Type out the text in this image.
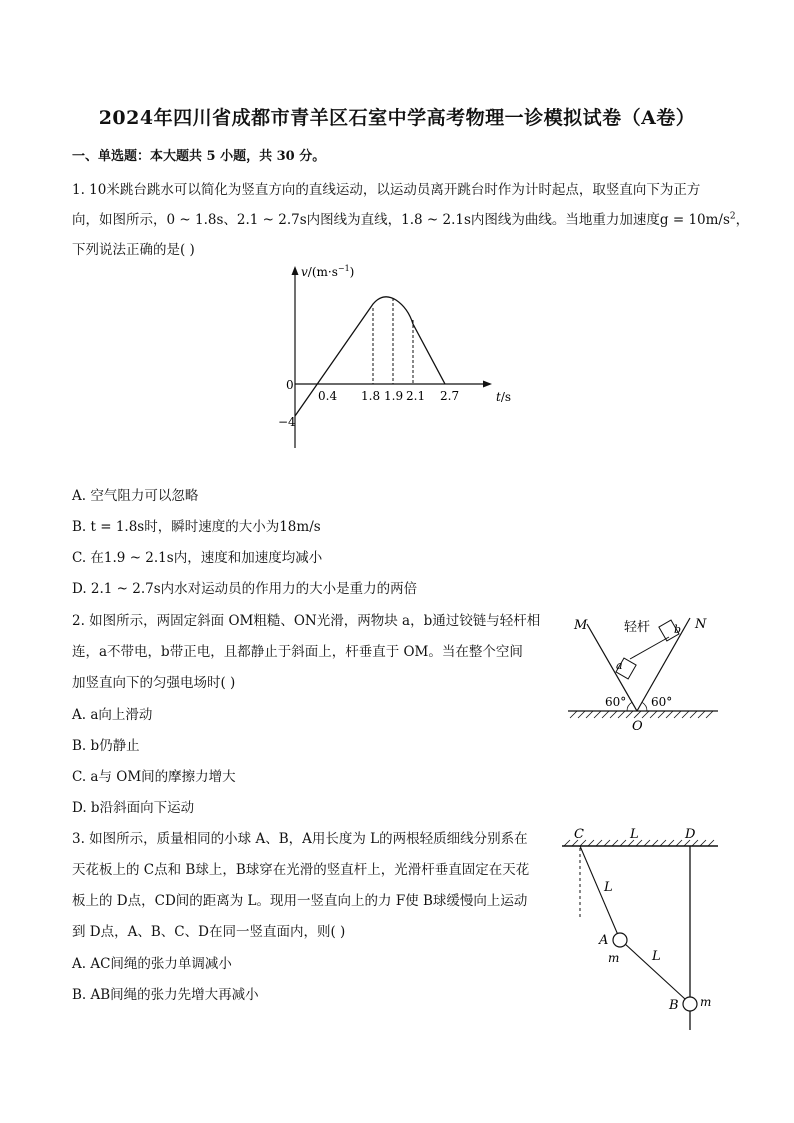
2024年四川省成都市青羊区石室中学高考物理一诊模拟试卷（A卷）
一、单选题：本大题共 5 小题，共 30 分。
1. 10米跳台跳水可以简化为竖直方向的直线运动，以运动员离开跳台时作为计时起点，取竖直向下为正方
向，如图所示，0 ~ 1.8s、2.1 ~ 2.7s内图线为直线，1.8 ~ 2.1s内图线为曲线。当地重力加速度$g = 10m/s^2$，
下列说法正确的是( )
$v/(m\cdot s^{-1})$
t/s
0
−4
0.4 1.8 1.9 2.1 2.7
A. 空气阻力可以忽略
B. t = 1.8s时，瞬时速度的大小为18m/s
C. 在1.9 ~ 2.1s内，速度和加速度均减小
D. 2.1 ~ 2.7s内水对运动员的作用力的大小是重力的两倍
2. 如图所示，两固定斜面 OM粗糙、ON光滑，两物块 a，b通过铰链与轻杆相
连，a不带电，b带正电，且都静止于斜面上，杆垂直于 OM。当在整个空间
加竖直向下的匀强电场时( )
M	N
轻杆
a
b
60° 60°
O
A. a向上滑动
B. b仍静止
C. a与 OM间的摩擦力增大
D. b沿斜面向下运动
3. 如图所示，质量相同的小球 A、B，A用长度为 L的两根轻质细线分别系在
天花板上的 C点和 B球上，B球穿在光滑的竖直杆上，光滑杆垂直固定在天花
板上的 D点，CD间的距离为 L。现用一竖直向上的力 F使 B球缓慢向上运动
到 D点，A、B、C、D在同一竖直面内，则( )
C	L	D
L
A
m	L
B m
A. AC间绳的张力单调减小
B. AB间绳的张力先增大再减小
